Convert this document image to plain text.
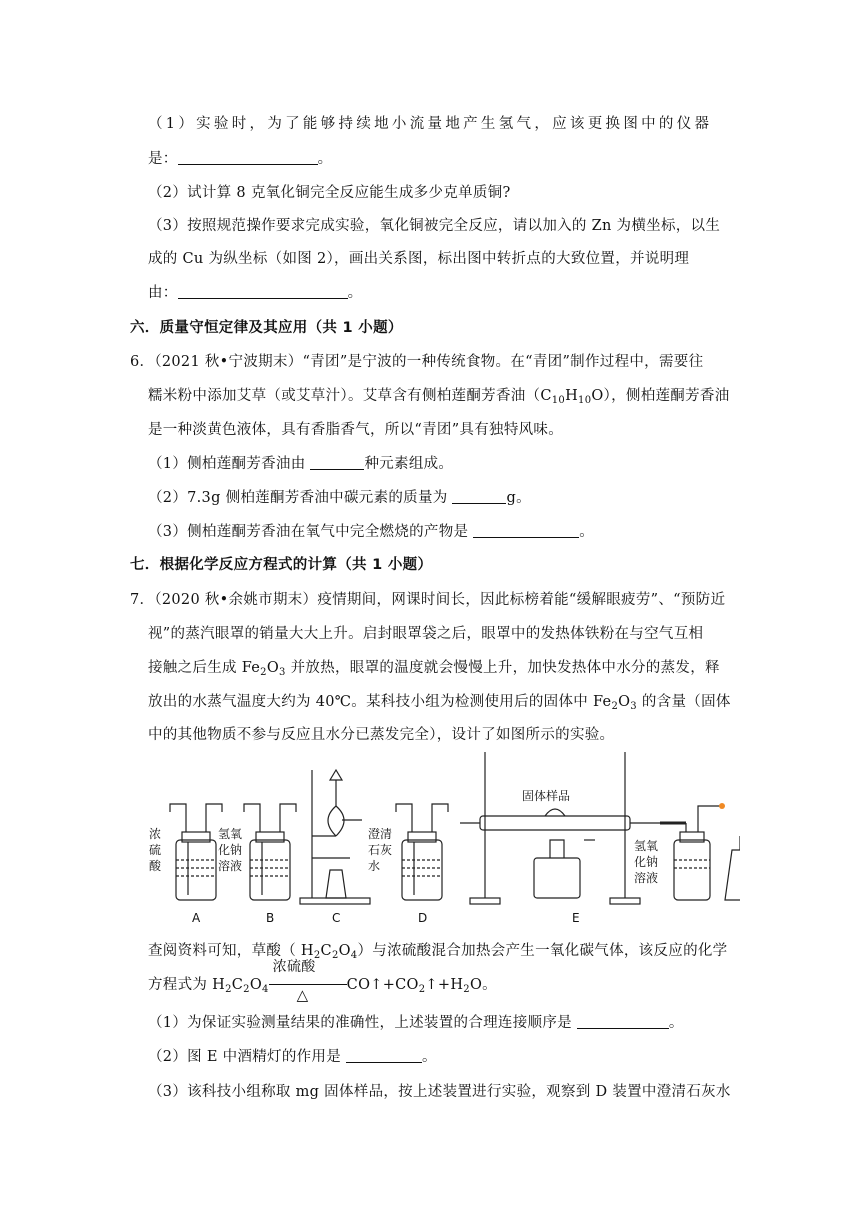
（1）实验时，为了能够持续地小流量地产生氢气，应该更换图中的仪器
是：	。
（2）试计算 8 克氧化铜完全反应能生成多少克单质铜?
（3）按照规范操作要求完成实验，氧化铜被完全反应，请以加入的 Zn 为横坐标，以生
成的 Cu 为纵坐标（如图 2），画出关系图，标出图中转折点的大致位置，并说明理
由：	。
六．质量守恒定律及其应用（共 1 小题）
6．（2021 秋•宁波期末）“青团”是宁波的一种传统食物。在“青团”制作过程中，需要往
糯米粉中添加艾草（或艾草汁）。艾草含有侧柏莲酮芳香油$(C_{10}H_{10}O)$，侧柏莲酮芳香油
是一种淡黄色液体，具有香脂香气，所以“青团”具有独特风味。
（1）侧柏莲酮芳香油由	种元素组成。
（2）7.3g 侧柏莲酮芳香油中碳元素的质量为	g。
（3）侧柏莲酮芳香油在氧气中完全燃烧的产物是	。
七．根据化学反应方程式的计算（共 1 小题）
7．（2020 秋•余姚市期末）疫情期间，网课时间长，因此标榜着能“缓解眼疲劳”、“预防近
视”的蒸汽眼罩的销量大大上升。启封眼罩袋之后，眼罩中的发热体铁粉在与空气互相
接触之后生成 $Fe_2O_3$ 并放热，眼罩的温度就会慢慢上升，加快发热体中水分的蒸发，释
放出的水蒸气温度大约为 40℃。某科技小组为检测使用后的固体中 $Fe_2O_3$ 的含量（固体
中的其他物质不参与反应且水分已蒸发完全），设计了如图所示的实验。
浓
硫
酸
氢氧
化钠
溶液
澄清
石灰
水
固体样品
氢氧
化钠
溶液
A	B	C	D	E
查阅资料可知，草酸（ $H_2C_2O_4$）与浓硫酸混合加热会产生一氧化碳气体，该反应的化学
方程式为 $H_2C_2O_4$
浓硫酸
△
$CO↑+CO_2↑+H_2O$。
（1）为保证实验测量结果的准确性，上述装置的合理连接顺序是	。
（2）图 E 中酒精灯的作用是	。
（3）该科技小组称取 mg 固体样品，按上述装置进行实验，观察到 D 装置中澄清石灰水
